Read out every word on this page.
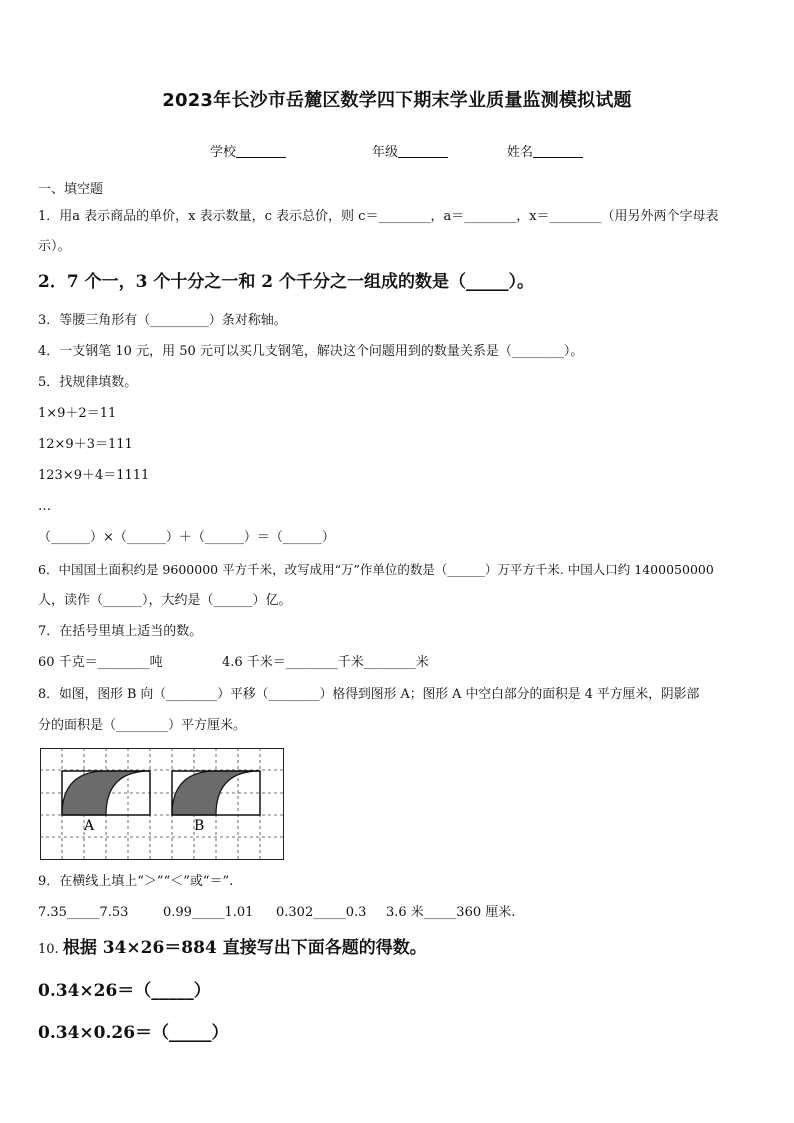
2023年长沙市岳麓区数学四下期末学业质量监测模拟试题
学校	年级	姓名
一、填空题
1．用a 表示商品的单价，x 表示数量，c 表示总价，则 c＝________，a＝________，x＝________（用另外两个字母表
示）。
2．7 个一，3 个十分之一和 2 个千分之一组成的数是（_____）。
3．等腰三角形有（_________）条对称轴。
4．一支钢笔 10 元，用 50 元可以买几支钢笔，解决这个问题用到的数量关系是（________）。
5．找规律填数。
1×9＋2＝11
12×9＋3＝111
123×9＋4＝1111
…
（______）×（______）＋（______）＝（______）
6．中国国土面积约是 9600000 平方千米，改写成用“万”作单位的数是（______）万平方千米. 中国人口约 1400050000
人，读作（______），大约是（______）亿。
7．在括号里填上适当的数。
60 千克＝________吨	4.6 千米＝________千米________米
8．如图，图形 B 向（________）平移（________）格得到图形 A；图形 A 中空白部分的面积是 4 平方厘米，阴影部
分的面积是（________）平方厘米。
A	B
9．在横线上填上“＞”“＜”或“＝”.
7.35_____7.53	0.99_____1.01 0.302_____0.3 3.6 米_____360 厘米.
10. 根据 34×26＝884 直接写出下面各题的得数。
0.34×26＝（_____）
0.34×0.26＝（_____）
